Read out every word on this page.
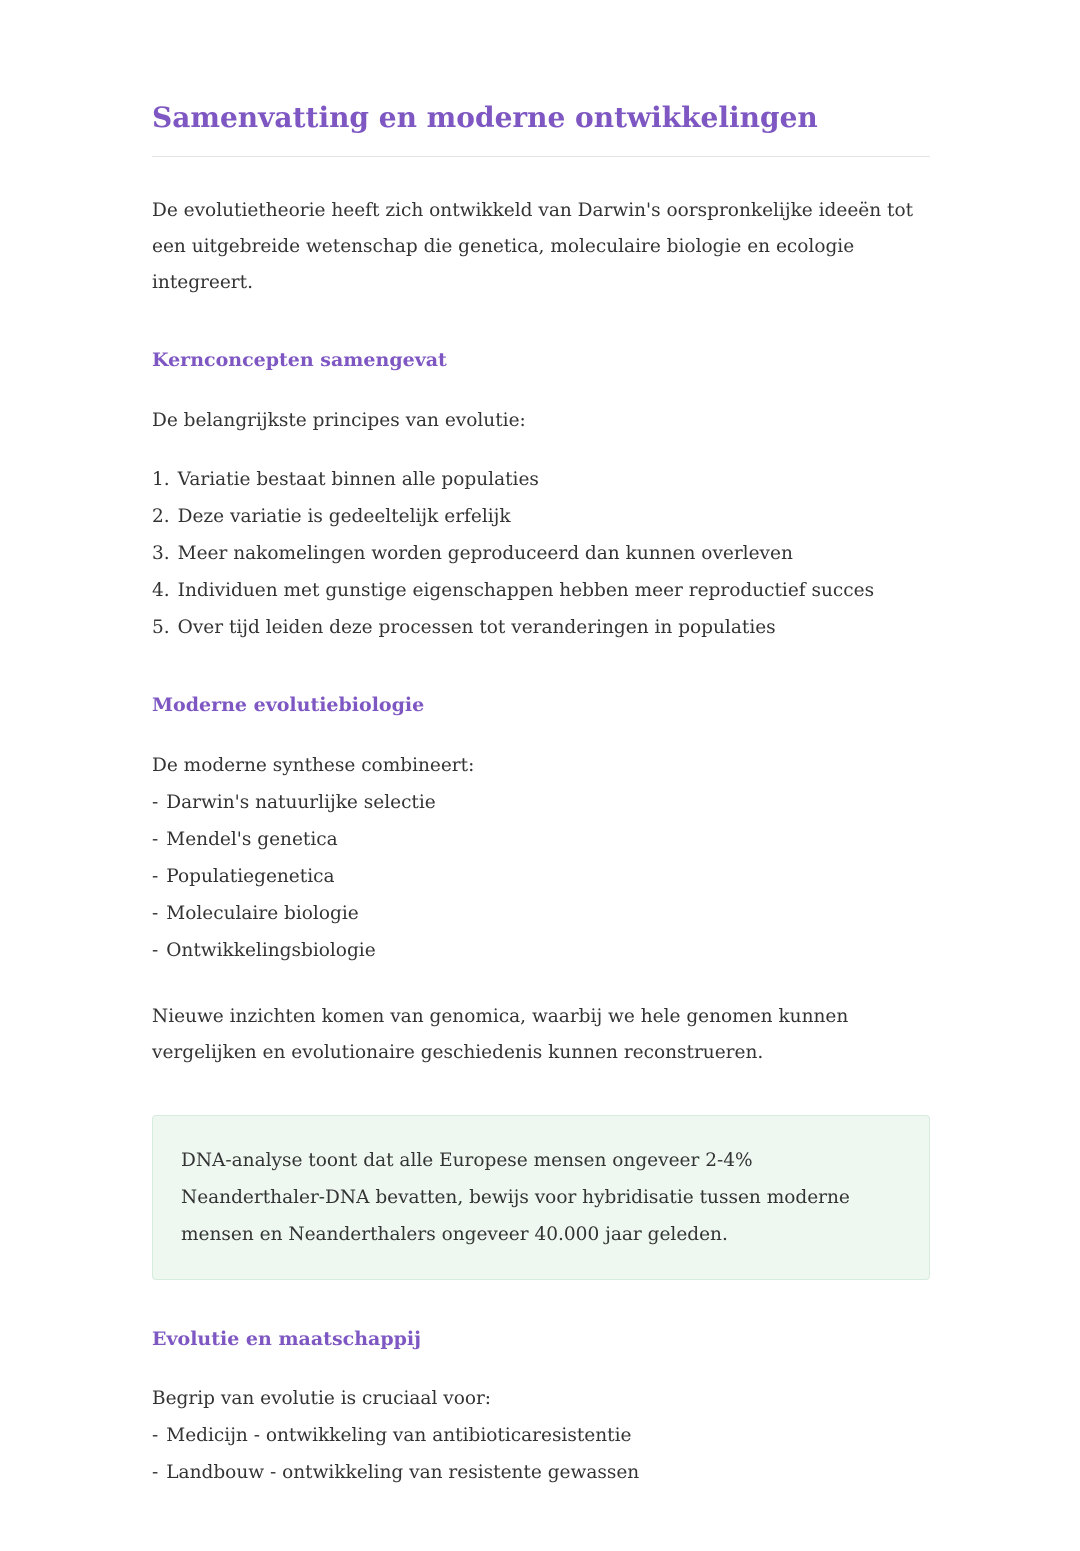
Samenvatting en moderne ontwikkelingen

De evolutietheorie heeft zich ontwikkeld van Darwin's oorspronkelijke ideeën tot een uitgebreide wetenschap die genetica, moleculaire biologie en ecologie integreert.

Kernconcepten samengevat

De belangrijkste principes van evolutie:

1. Variatie bestaat binnen alle populaties
2. Deze variatie is gedeeltelijk erfelijk
3. Meer nakomelingen worden geproduceerd dan kunnen overleven
4. Individuen met gunstige eigenschappen hebben meer reproductief succes
5. Over tijd leiden deze processen tot veranderingen in populaties
Moderne evolutiebiologie

De moderne synthese combineert:

- Darwin's natuurlijke selectie
- Mendel's genetica
- Populatiegenetica
- Moleculaire biologie
- Ontwikkelingsbiologie

Nieuwe inzichten komen van genomica, waarbij we hele genomen kunnen vergelijken en evolutionaire geschiedenis kunnen reconstrueren.

DNA-analyse toont dat alle Europese mensen ongeveer 2-4% Neanderthaler-DNA bevatten, bewijs voor hybridisatie tussen moderne mensen en Neanderthalers ongeveer 40.000 jaar geleden.

Evolutie en maatschappij

Begrip van evolutie is cruciaal voor:

- Medicijn - ontwikkeling van antibioticaresistentie
- Landbouw - ontwikkeling van resistente gewassen
